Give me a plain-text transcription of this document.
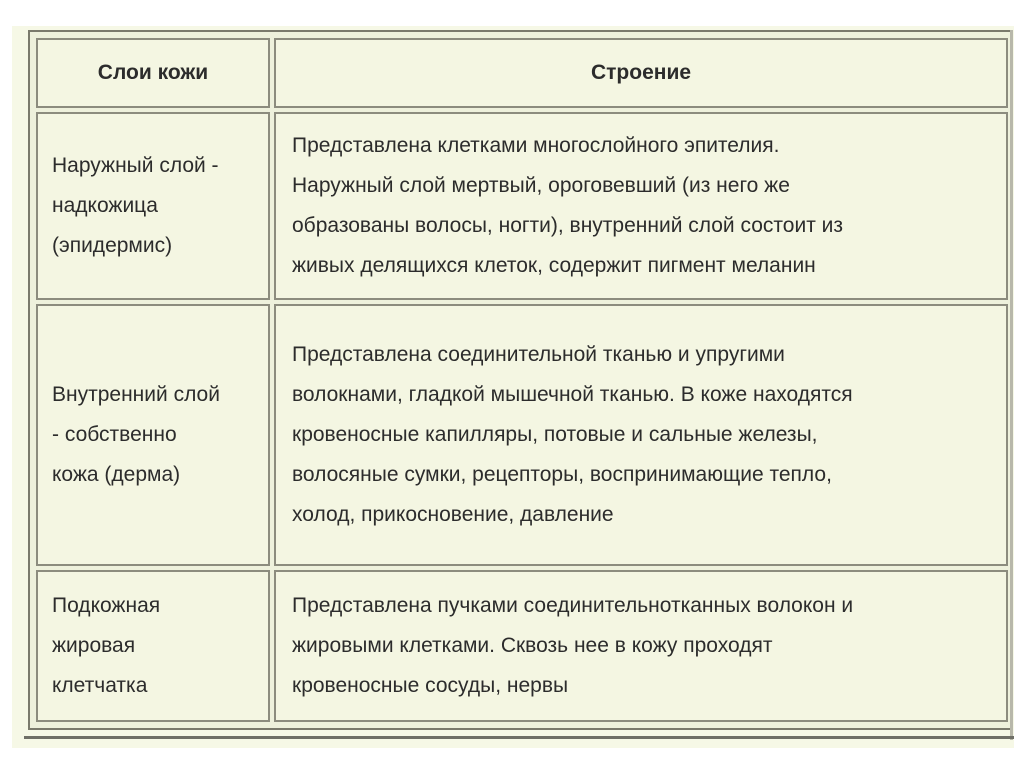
Слои кожи	Строение
Наружный слой -
надкожица
(эпидермис)
Представлена клетками многослойного эпителия.
Наружный слой мертвый, ороговевший (из него же
образованы волосы, ногти), внутренний слой состоит из
живых делящихся клеток, содержит пигмент меланин
Внутренний слой
- собственно
кожа (дерма)
Представлена соединительной тканью и упругими
волокнами, гладкой мышечной тканью. В коже находятся
кровеносные капилляры, потовые и сальные железы,
волосяные сумки, рецепторы, воспринимающие тепло,
холод, прикосновение, давление
Подкожная
жировая
клетчатка
Представлена пучками соединительнотканных волокон и
жировыми клетками. Сквозь нее в кожу проходят
кровеносные сосуды, нервы
